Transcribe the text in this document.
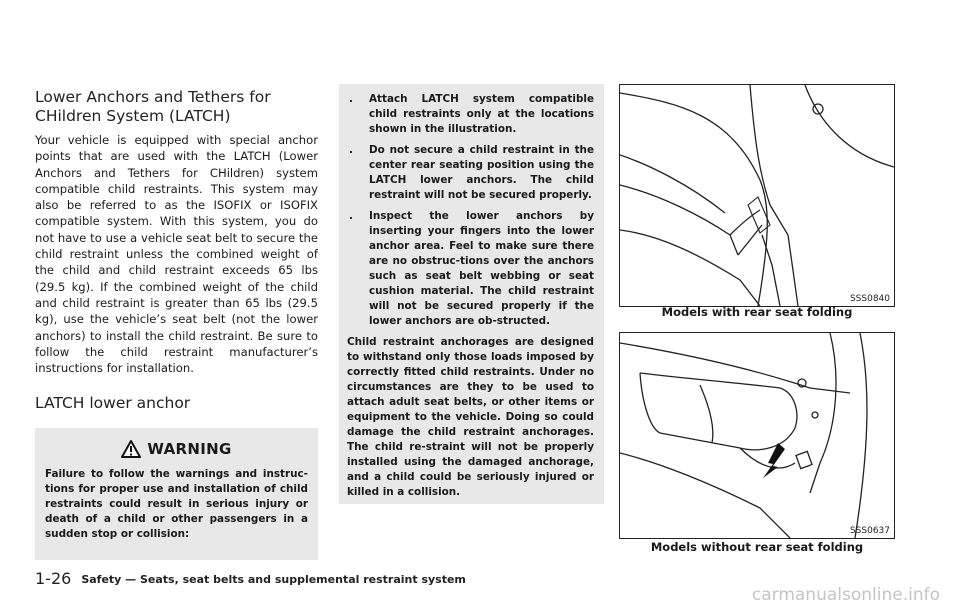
Lower Anchors and Tethers for CHildren System (LATCH)

Your vehicle is equipped with special anchor points that are used with the LATCH (Lower Anchors and Tethers for CHildren) system compatible child restraints. This system may also be referred to as the ISOFIX or ISOFIX compatible system. With this system, you do not have to use a vehicle seat belt to secure the child restraint unless the combined weight of the child and child restraint exceeds 65 lbs (29.5 kg). If the combined weight of the child and child restraint is greater than 65 lbs (29.5 kg), use the vehicle’s seat belt (not the lower anchors) to install the child restraint. Be sure to follow the child restraint manufacturer’s instructions for installation.

LATCH lower anchor
WARNING
Failure to follow the warnings and instruc-tions for proper use and installation of child restraints could result in serious injury or death of a child or other passengers in a sudden stop or collision:
.	Attach LATCH system compatible child restraints only at the locations shown in the illustration.
.	Do not secure a child restraint in the center rear seating position using the LATCH lower anchors. The child restraint will not be secured properly.
.	Inspect the lower anchors by inserting your fingers into the lower anchor area. Feel to make sure there are no obstruc-tions over the anchors such as seat belt webbing or seat cushion material. The child restraint will not be secured properly if the lower anchors are ob-structed.
Child restraint anchorages are designed to withstand only those loads imposed by correctly fitted child restraints. Under no circumstances are they to be used to attach adult seat belts, or other items or equipment to the vehicle. Doing so could damage the child restraint anchorages. The child re-straint will not be properly installed using the damaged anchorage, and a child could be seriously injured or killed in a collision.
SSS0840
Models with rear seat folding
SSS0637
Models without rear seat folding
1-26 Safety — Seats, seat belts and supplemental restraint system
carmanualsonline.info
